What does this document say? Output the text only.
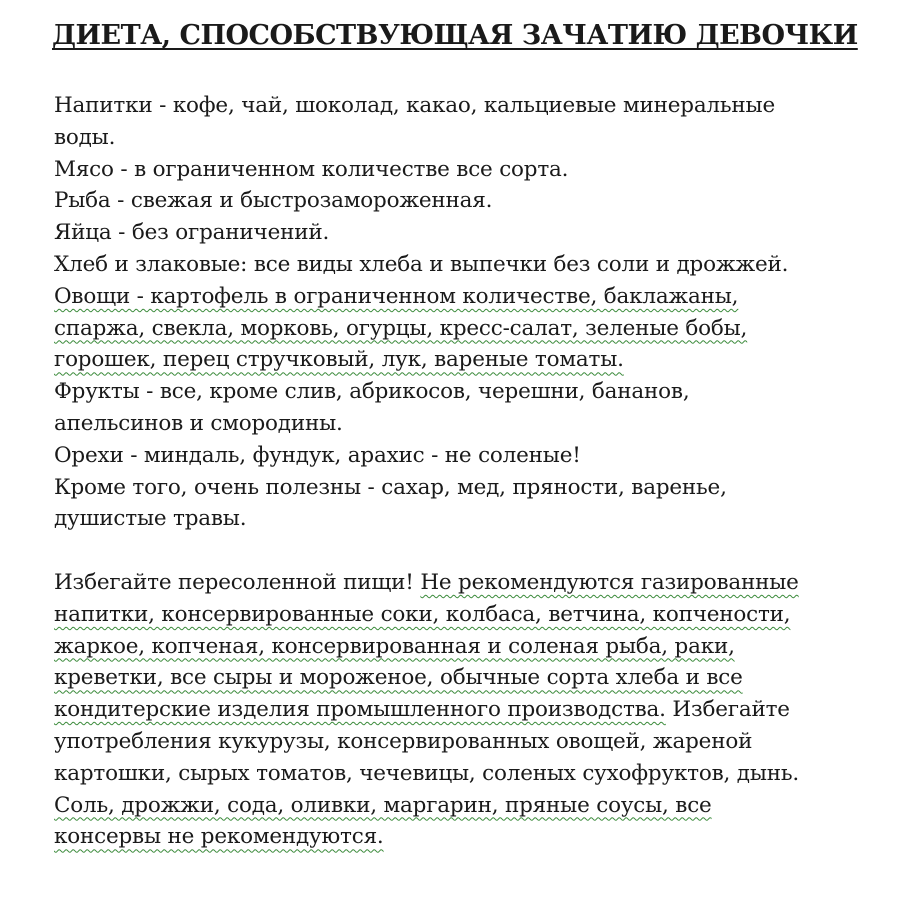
ДИЕТА, СПОСОБСТВУЮЩАЯ ЗАЧАТИЮ ДЕВОЧКИ

Напитки - кофе, чай, шоколад, какао, кальциевые минеральные
воды.
Мясо - в ограниченном количестве все сорта.
Рыба - свежая и быстрозамороженная.
Яйца - без ограничений.
Хлеб и злаковые: все виды хлеба и выпечки без соли и дрожжей.
Овощи - картофель в ограниченном количестве, баклажаны,
спаржа, свекла, морковь, огурцы, кресс-салат, зеленые бобы,
горошек, перец стручковый, лук, вареные томаты.
Фрукты - все, кроме слив, абрикосов, черешни, бананов,
апельсинов и смородины.
Орехи - миндаль, фундук, арахис - не соленые!
Кроме того, очень полезны - сахар, мед, пряности, варенье,
душистые травы.

Избегайте пересоленной пищи! Не рекомендуются газированные
напитки, консервированные соки, колбаса, ветчина, копчености,
жаркое, копченая, консервированная и соленая рыба, раки,
креветки, все сыры и мороженое, обычные сорта хлеба и все
кондитерские изделия промышленного производства. Избегайте
употребления кукурузы, консервированных овощей, жареной
картошки, сырых томатов, чечевицы, соленых сухофруктов, дынь.
Соль, дрожжи, сода, оливки, маргарин, пряные соусы, все
консервы не рекомендуются.
